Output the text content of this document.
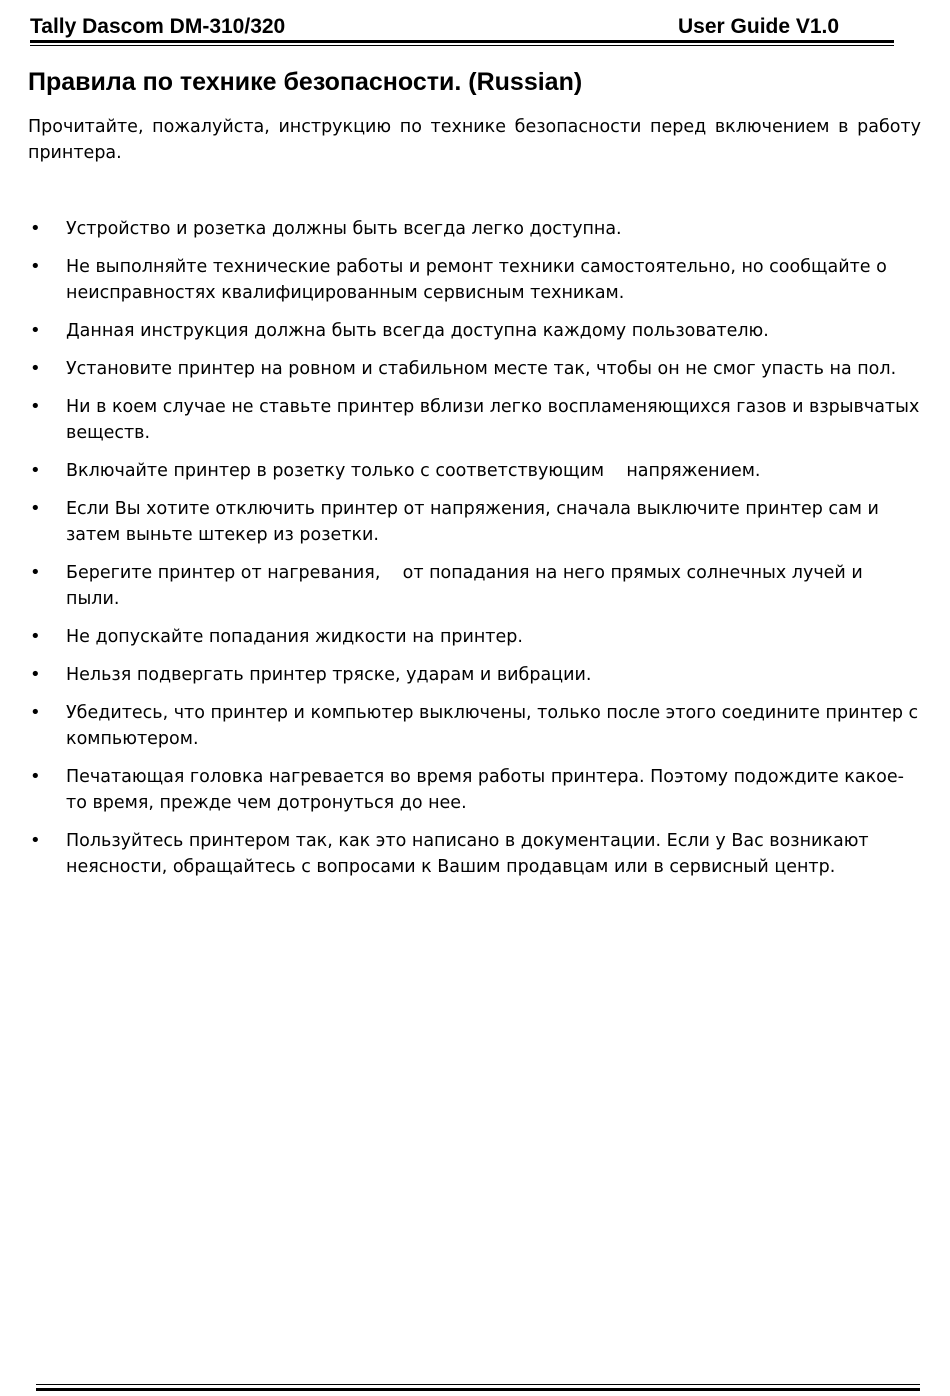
Tally Dascom DM-310/320	User Guide V1.0
Правила по технике безопасности. (Russian)

Прочитайте, пожалуйста, инструкцию по технике безопасности перед включением в работу принтера.

• Устройство и розетка должны быть всегда легко доступна.
• Не выполняйте технические работы и ремонт техники самостоятельно, но сообщайте о неисправностях квалифицированным сервисным техникам.
• Данная инструкция должна быть всегда доступна каждому пользователю.
• Установите принтер на ровном и стабильном месте так, чтобы он не смог упасть на пол.
• Ни в коем случае не ставьте принтер вблизи легко воспламеняющихся газов и взрывчатых веществ.
• Включайте принтер в розетку только с соответствующим    напряжением.
• Если Вы хотите отключить принтер от напряжения, сначала выключите принтер сам и затем выньте штекер из розетки.
• Берегите принтер от нагревания,    от попадания на него прямых солнечных лучей и пыли.
• Не допускайте попадания жидкости на принтер.
• Нельзя подвергать принтер тряске, ударам и вибрации.
• Убедитесь, что принтер и компьютер выключены, только после этого соедините принтер с компьютером.
• Печатающая головка нагревается во время работы принтера. Поэтому подождите какое-то время, прежде чем дотронуться до нее.
• Пользуйтесь принтером так, как это написано в документации. Если у Вас возникают неясности, обращайтесь с вопросами к Вашим продавцам или в сервисный центр.
